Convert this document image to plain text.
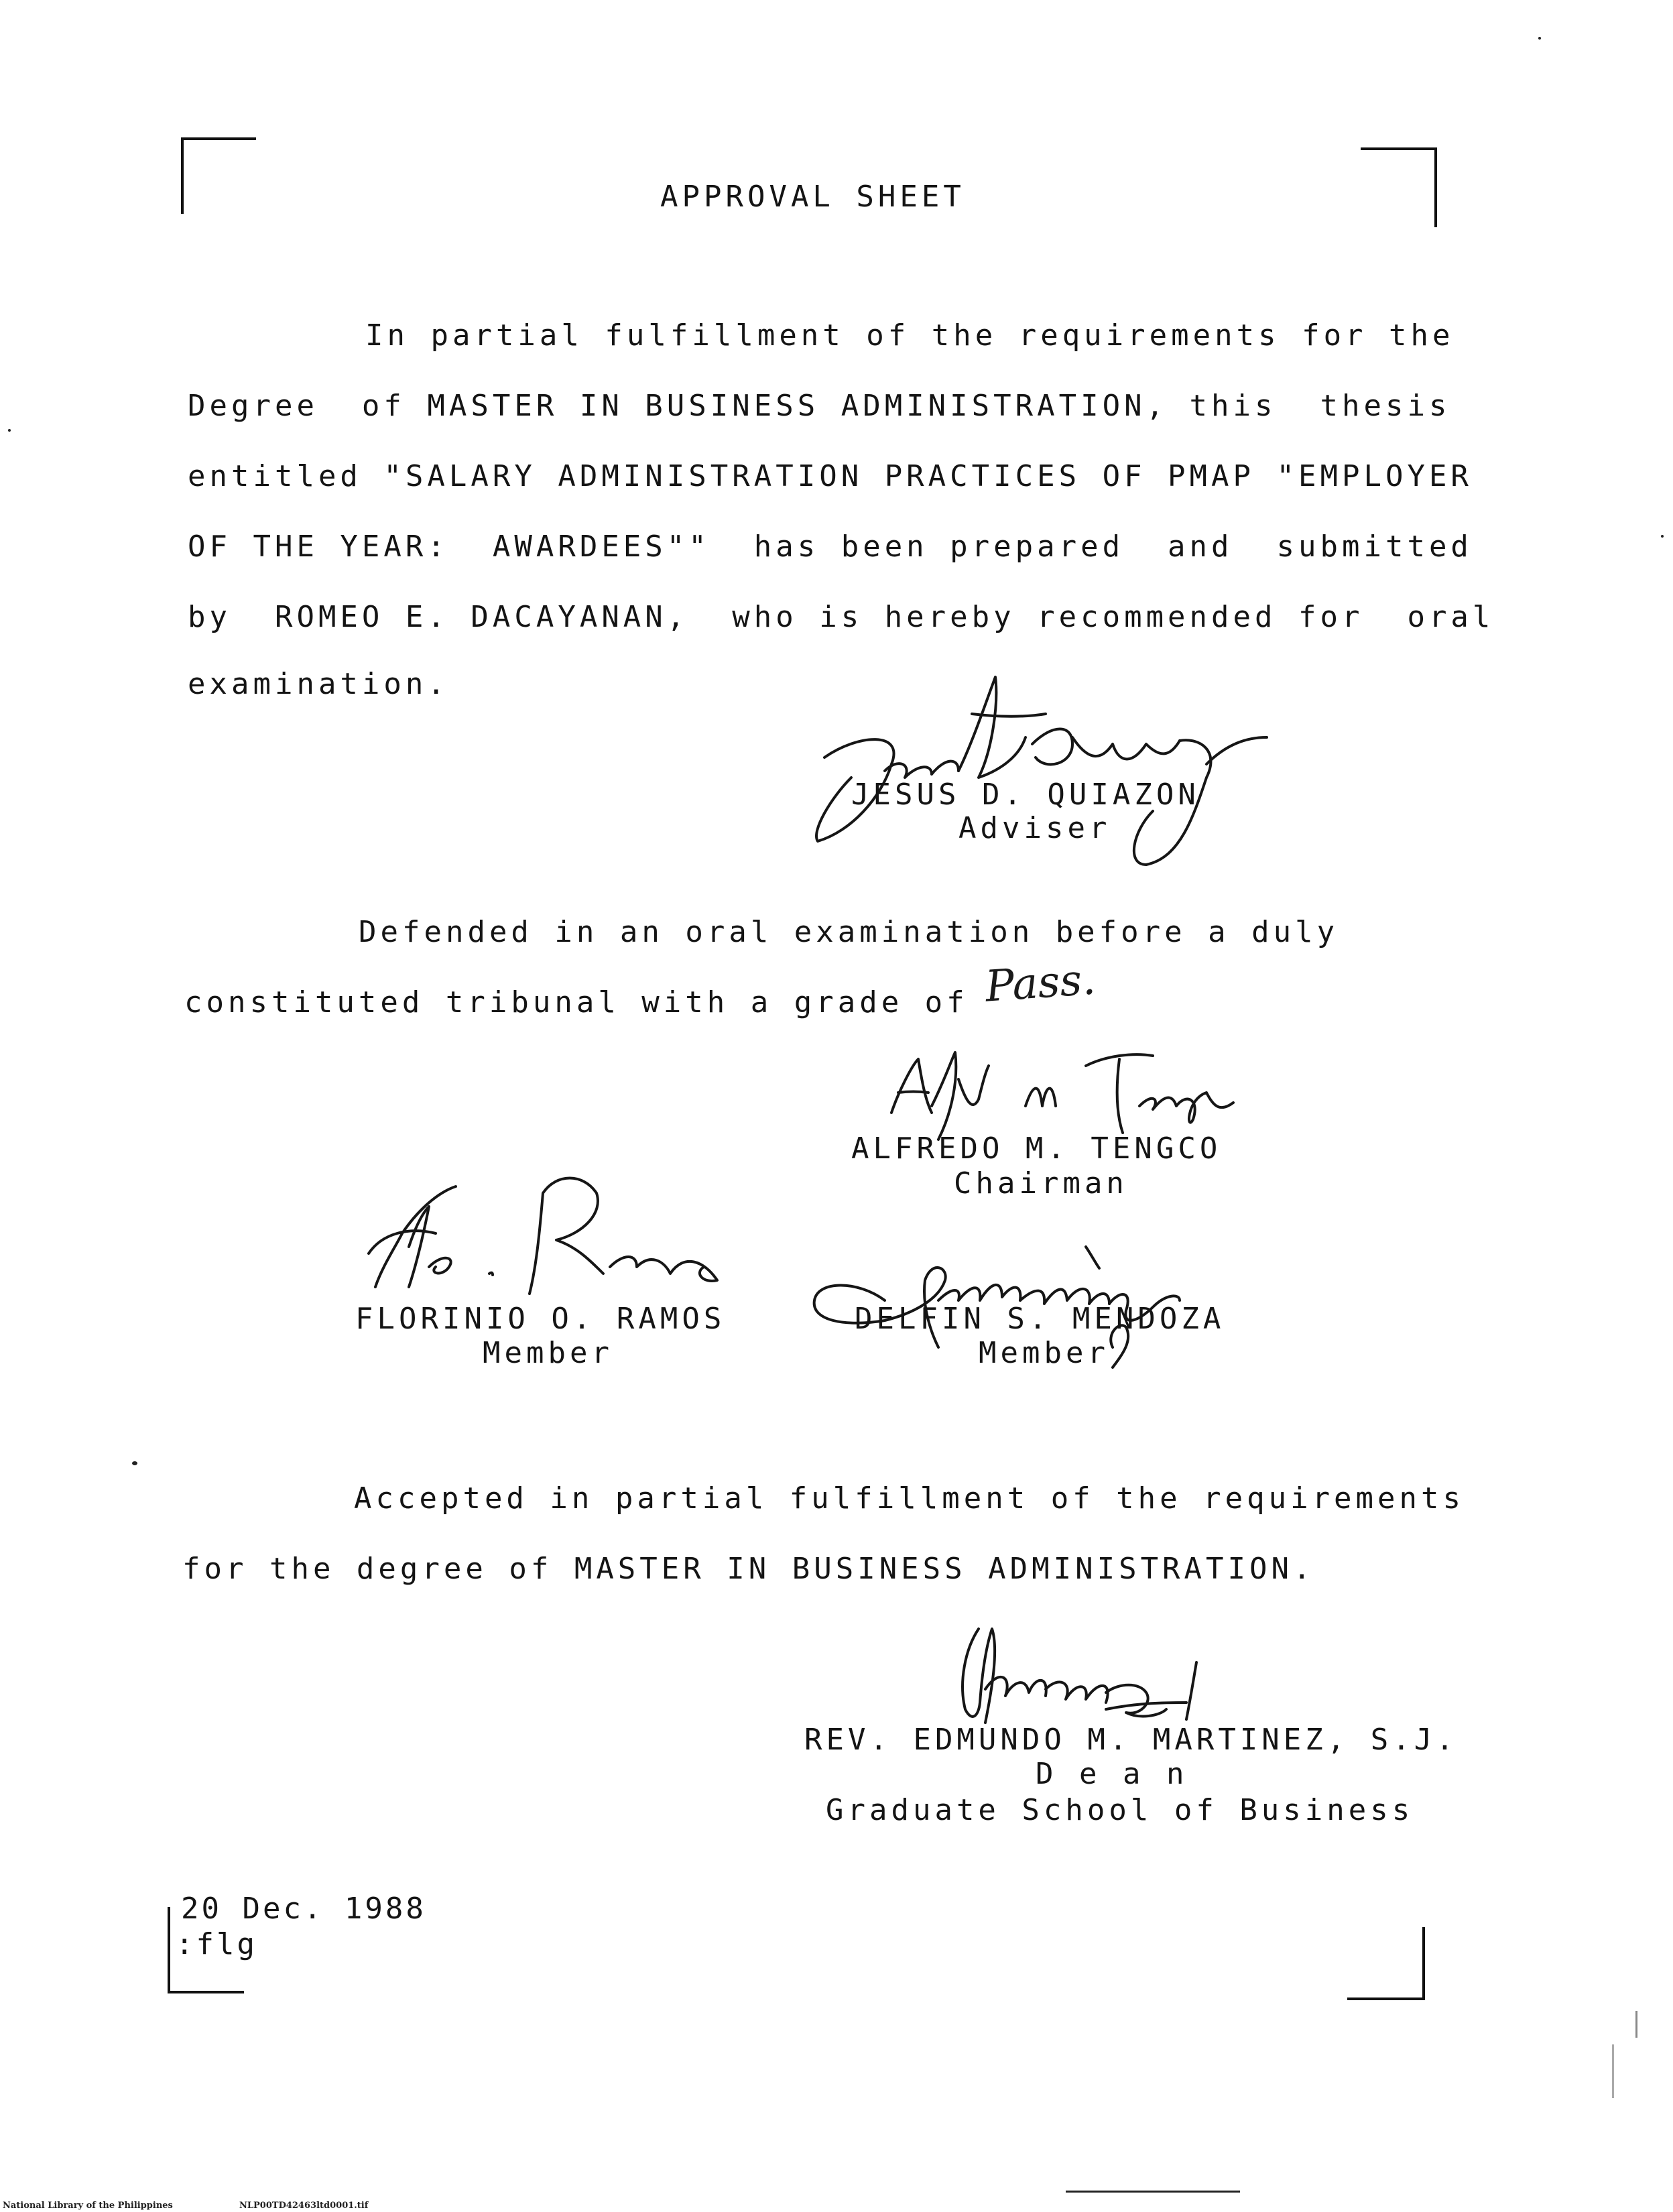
APPROVAL SHEET
In partial fulfillment of the requirements for the
Degree  of MASTER IN BUSINESS ADMINISTRATION, this  thesis
entitled "SALARY ADMINISTRATION PRACTICES OF PMAP "EMPLOYER
OF THE YEAR:  AWARDEES""  has been prepared  and  submitted
by  ROMEO E. DACAYANAN,  who is hereby recommended for  oral
examination.
JESUS D. QUIAZON
Adviser
Defended in an oral examination before a duly
constituted tribunal with a grade of Pass.
ALFREDO M. TENGCO
Chairman
FLORINIO O. RAMOS
Member
DELFIN S. MENDOZA
Member
Accepted in partial fulfillment of the requirements
for the degree of MASTER IN BUSINESS ADMINISTRATION.
REV. EDMUNDO M. MARTINEZ, S.J.
D e a n
Graduate School of Business
20 Dec. 1988
:flg
National Library of the Philippines	NLP00TD42463ltd0001.tif
